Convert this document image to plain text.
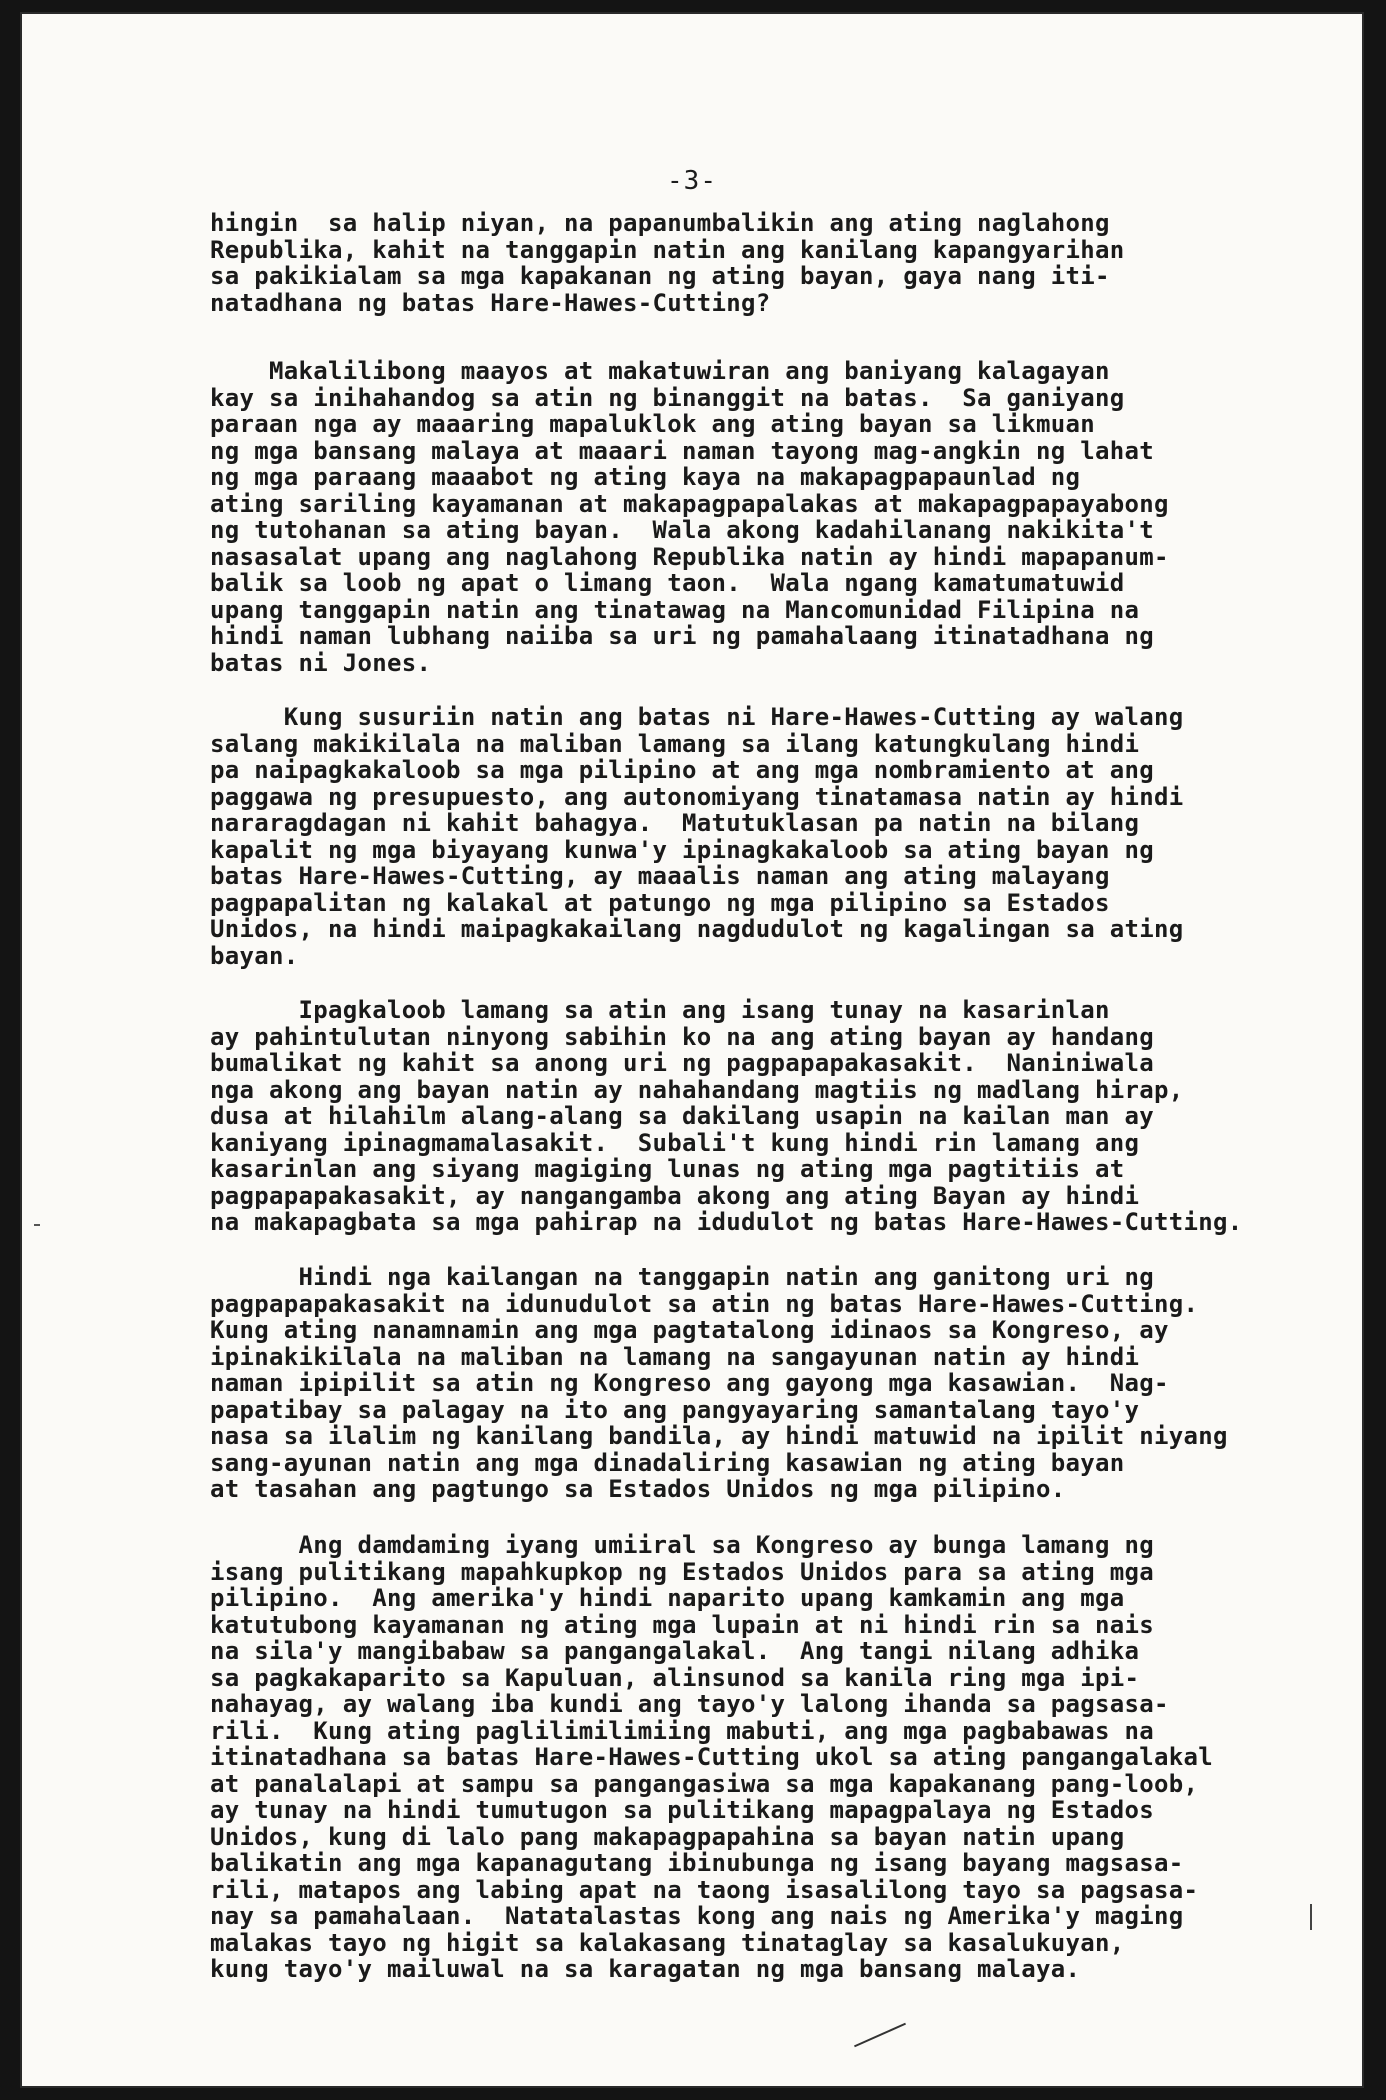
-3-
hingin  sa halip niyan, na papanumbalikin ang ating naglahong
Republika, kahit na tanggapin natin ang kanilang kapangyarihan
sa pakikialam sa mga kapakanan ng ating bayan, gaya nang iti-
natadhana ng batas Hare-Hawes-Cutting?
Makalilibong maayos at makatuwiran ang baniyang kalagayan
kay sa inihahandog sa atin ng binanggit na batas.  Sa ganiyang
paraan nga ay maaaring mapaluklok ang ating bayan sa likmuan
ng mga bansang malaya at maaari naman tayong mag-angkin ng lahat
ng mga paraang maaabot ng ating kaya na makapagpapaunlad ng
ating sariling kayamanan at makapagpapalakas at makapagpapayabong
ng tutohanan sa ating bayan.  Wala akong kadahilanang nakikita't
nasasalat upang ang naglahong Republika natin ay hindi mapapanum-
balik sa loob ng apat o limang taon.  Wala ngang kamatumatuwid
upang tanggapin natin ang tinatawag na Mancomunidad Filipina na
hindi naman lubhang naiiba sa uri ng pamahalaang itinatadhana ng
batas ni Jones.
Kung susuriin natin ang batas ni Hare-Hawes-Cutting ay walang
salang makikilala na maliban lamang sa ilang katungkulang hindi
pa naipagkakaloob sa mga pilipino at ang mga nombramiento at ang
paggawa ng presupuesto, ang autonomiyang tinatamasa natin ay hindi
nararagdagan ni kahit bahagya.  Matutuklasan pa natin na bilang
kapalit ng mga biyayang kunwa'y ipinagkakaloob sa ating bayan ng
batas Hare-Hawes-Cutting, ay maaalis naman ang ating malayang
pagpapalitan ng kalakal at patungo ng mga pilipino sa Estados
Unidos, na hindi maipagkakailang nagdudulot ng kagalingan sa ating
bayan.
Ipagkaloob lamang sa atin ang isang tunay na kasarinlan
ay pahintulutan ninyong sabihin ko na ang ating bayan ay handang
bumalikat ng kahit sa anong uri ng pagpapapakasakit.  Naniniwala
nga akong ang bayan natin ay nahahandang magtiis ng madlang hirap,
dusa at hilahilm alang-alang sa dakilang usapin na kailan man ay
kaniyang ipinagmamalasakit.  Subali't kung hindi rin lamang ang
kasarinlan ang siyang magiging lunas ng ating mga pagtitiis at
pagpapapakasakit, ay nangangamba akong ang ating Bayan ay hindi
na makapagbata sa mga pahirap na idudulot ng batas Hare-Hawes-Cutting.
Hindi nga kailangan na tanggapin natin ang ganitong uri ng
pagpapapakasakit na idunudulot sa atin ng batas Hare-Hawes-Cutting.
Kung ating nanamnamin ang mga pagtatalong idinaos sa Kongreso, ay
ipinakikilala na maliban na lamang na sangayunan natin ay hindi
naman ipipilit sa atin ng Kongreso ang gayong mga kasawian.  Nag-
papatibay sa palagay na ito ang pangyayaring samantalang tayo'y
nasa sa ilalim ng kanilang bandila, ay hindi matuwid na ipilit niyang
sang-ayunan natin ang mga dinadaliring kasawian ng ating bayan
at tasahan ang pagtungo sa Estados Unidos ng mga pilipino.
Ang damdaming iyang umiiral sa Kongreso ay bunga lamang ng
isang pulitikang mapahkupkop ng Estados Unidos para sa ating mga
pilipino.  Ang amerika'y hindi naparito upang kamkamin ang mga
katutubong kayamanan ng ating mga lupain at ni hindi rin sa nais
na sila'y mangibabaw sa pangangalakal.  Ang tangi nilang adhika
sa pagkakaparito sa Kapuluan, alinsunod sa kanila ring mga ipi-
nahayag, ay walang iba kundi ang tayo'y lalong ihanda sa pagsasa-
rili.  Kung ating paglilimilimiing mabuti, ang mga pagbabawas na
itinatadhana sa batas Hare-Hawes-Cutting ukol sa ating pangangalakal
at panalalapi at sampu sa pangangasiwa sa mga kapakanang pang-loob,
ay tunay na hindi tumutugon sa pulitikang mapagpalaya ng Estados
Unidos, kung di lalo pang makapagpapahina sa bayan natin upang
balikatin ang mga kapanagutang ibinubunga ng isang bayang magsasa-
rili, matapos ang labing apat na taong isasalilong tayo sa pagsasa-
nay sa pamahalaan.  Natatalastas kong ang nais ng Amerika'y maging
malakas tayo ng higit sa kalakasang tinataglay sa kasalukuyan,
kung tayo'y mailuwal na sa karagatan ng mga bansang malaya.
